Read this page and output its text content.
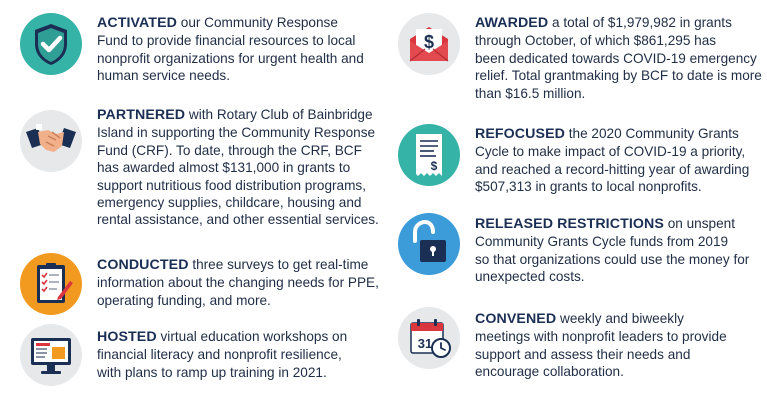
ACTIVATED our Community Response
Fund to provide financial resources to local
nonprofit organizations for urgent health and
human service needs.
PARTNERED with Rotary Club of Bainbridge
Island in supporting the Community Response
Fund (CRF). To date, through the CRF, BCF
has awarded almost $131,000 in grants to
support nutritious food distribution programs,
emergency supplies, childcare, housing and
rental assistance, and other essential services.
CONDUCTED three surveys to get real-time
information about the changing needs for PPE,
operating funding, and more.
HOSTED virtual education workshops on
financial literacy and nonprofit resilience,
with plans to ramp up training in 2021.
$
AWARDED a total of $1,979,982 in grants
through October, of which $861,295 has
been dedicated towards COVID-19 emergency
relief. Total grantmaking by BCF to date is more
than $16.5 million.
$
REFOCUSED the 2020 Community Grants
Cycle to make impact of COVID-19 a priority,
and reached a record-hitting year of awarding
$507,313 in grants to local nonprofits.
RELEASED RESTRICTIONS on unspent
Community Grants Cycle funds from 2019
so that organizations could use the money for
unexpected costs.
31
CONVENED weekly and biweekly
meetings with nonprofit leaders to provide
support and assess their needs and
encourage collaboration.
